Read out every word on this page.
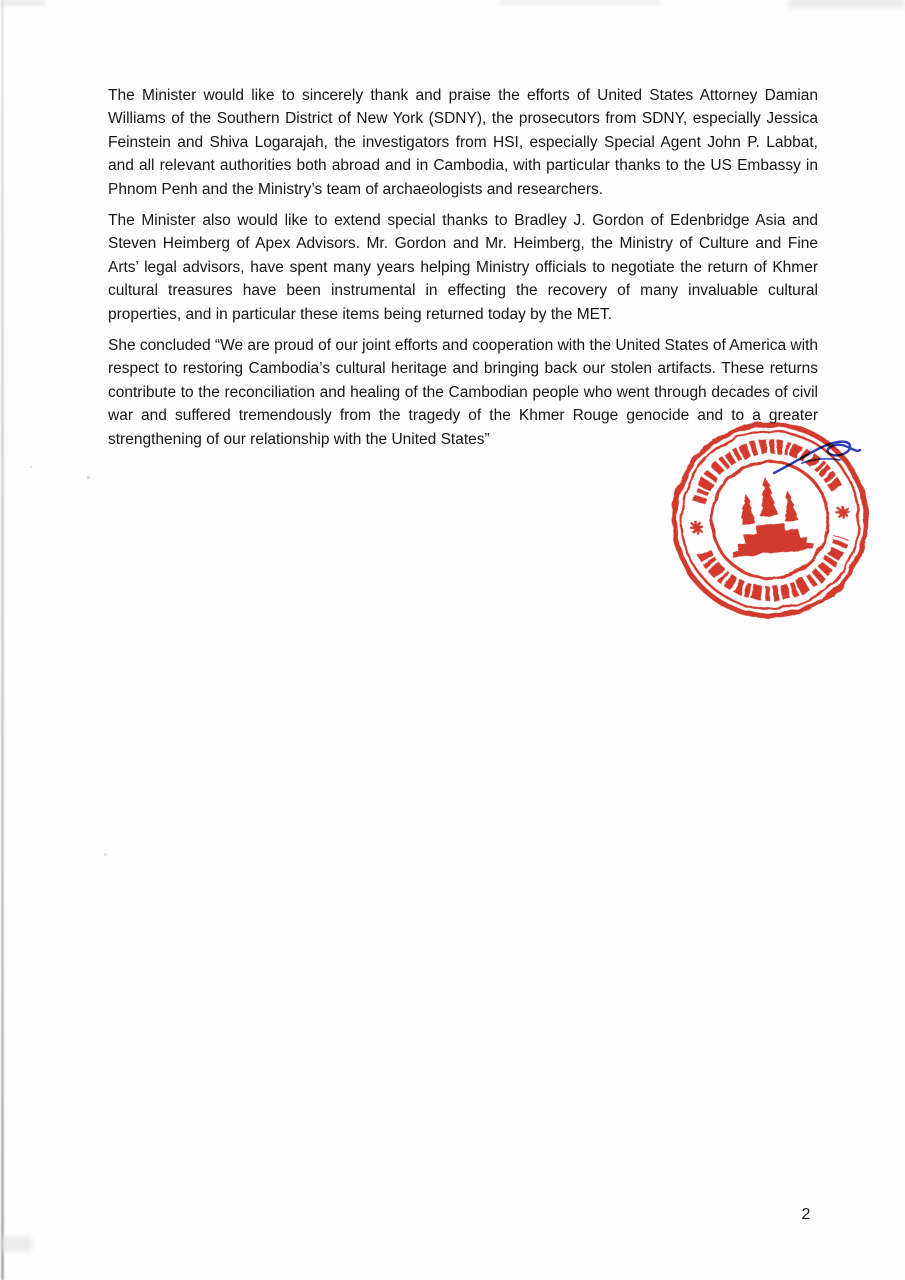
The Minister would like to sincerely thank and praise the efforts of United States Attorney Damian Williams of the Southern District of New York (SDNY), the prosecutors from SDNY, especially Jessica Feinstein and Shiva Logarajah, the investigators from HSI, especially Special Agent John P. Labbat, and all relevant authorities both abroad and in Cambodia, with particular thanks to the US Embassy in Phnom Penh and the Ministry’s team of archaeologists and researchers.

The Minister also would like to extend special thanks to Bradley J. Gordon of Edenbridge Asia and Steven Heimberg of Apex Advisors. Mr. Gordon and Mr. Heimberg, the Ministry of Culture and Fine Arts’ legal advisors, have spent many years helping Ministry officials to negotiate the return of Khmer cultural treasures have been instrumental in effecting the recovery of many invaluable cultural properties, and in particular these items being returned today by the MET.

She concluded “We are proud of our joint efforts and cooperation with the United States of America with respect to restoring Cambodia’s cultural heritage and bringing back our stolen artifacts. These returns contribute to the reconciliation and healing of the Cambodian people who went through decades of civil war and suffered tremendously from the tragedy of the Khmer Rouge genocide and to a greater strengthening of our relationship with the United States”

2
